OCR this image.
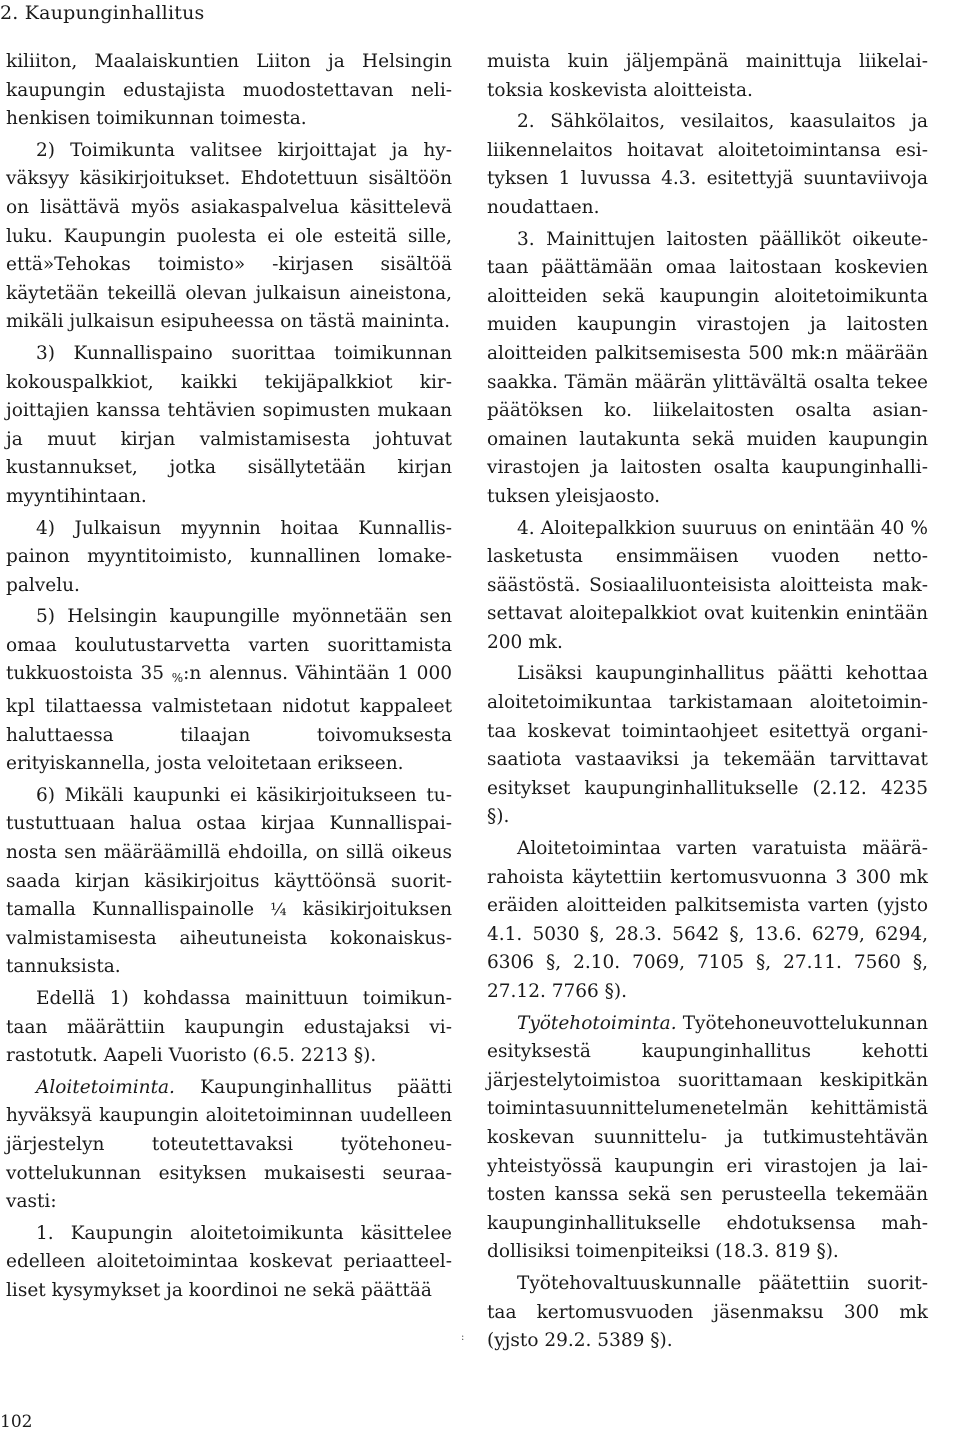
2. Kaupunginhallitus

kiliiton, Maalaiskuntien Liiton ja Helsingin kaupungin edustajista muodostettavan nelihenkisen toimikunnan toimesta.

2) Toimikunta valitsee kirjoittajat ja hyväksyy käsikirjoitukset. Ehdotettuun sisältöön on lisättävä myös asiakaspalvelua käsittelevä luku. Kaupungin puolesta ei ole esteitä sille, että»Tehokas toimisto» -kirjasen sisältöä käytetään tekeillä olevan julkaisun aineistona, mikäli julkaisun esipuheessa on tästä maininta.

3) Kunnallispaino suorittaa toimikunnan kokouspalkkiot, kaikki tekijäpalkkiot kirjoittajien kanssa tehtävien sopimusten mukaan ja muut kirjan valmistamisesta johtuvat kustannukset, jotka sisällytetään kirjan myyntihintaan.

4) Julkaisun myynnin hoitaa Kunnallispainon myyntitoimisto, kunnallinen lomakepalvelu.

5) Helsingin kaupungille myönnetään sen omaa koulutustarvetta varten suorittamista tukkuostoista 35 $_{\%}$:n alennus. Vähintään 1 000 kpl tilattaessa valmistetaan nidotut kappaleet haluttaessa tilaajan toivomuksesta erityiskannella, josta veloitetaan erikseen.

6) Mikäli kaupunki ei käsikirjoitukseen tutustuttuaan halua ostaa kirjaa Kunnallispainosta sen määräämillä ehdoilla, on sillä oikeus saada kirjan käsikirjoitus käyttöönsä suorittamalla Kunnallispainolle ¼ käsikirjoituksen valmistamisesta aiheutuneista kokonaiskustannuksista.

Edellä 1) kohdassa mainittuun toimikuntaan määrättiin kaupungin edustajaksi virastotutk. Aapeli Vuoristo (6.5. 2213 §).

Aloitetoiminta. Kaupunginhallitus päätti hyväksyä kaupungin aloitetoiminnan uudelleen järjestelyn toteutettavaksi työtehoneuvottelukunnan esityksen mukaisesti seuraavasti:

1. Kaupungin aloitetoimikunta käsittelee edelleen aloitetoimintaa koskevat periaatteelliset kysymykset ja koordinoi ne sekä päättää

:

muista kuin jäljempänä mainittuja liikelaitoksia koskevista aloitteista.

2. Sähkölaitos, vesilaitos, kaasulaitos ja liikennelaitos hoitavat aloitetoimintansa esityksen 1 luvussa 4.3. esitettyjä suuntaviivoja noudattaen.

3. Mainittujen laitosten päälliköt oikeutetaan päättämään omaa laitostaan koskevien aloitteiden sekä kaupungin aloitetoimikunta muiden kaupungin virastojen ja laitosten aloitteiden palkitsemisesta 500 mk:n määrään saakka. Tämän määrän ylittävältä osalta tekee päätöksen ko. liikelaitosten osalta asianomainen lautakunta sekä muiden kaupungin virastojen ja laitosten osalta kaupunginhallituksen yleisjaosto.

4. Aloitepalkkion suuruus on enintään 40 % lasketusta ensimmäisen vuoden nettosäästöstä. Sosiaaliluonteisista aloitteista maksettavat aloitepalkkiot ovat kuitenkin enintään 200 mk.

Lisäksi kaupunginhallitus päätti kehottaa aloitetoimikuntaa tarkistamaan aloitetoimintaa koskevat toimintaohjeet esitettyä organisaatiota vastaaviksi ja tekemään tarvittavat esitykset kaupunginhallitukselle (2.12. 4235 §).

Aloitetoimintaa varten varatuista määrärahoista käytettiin kertomusvuonna 3 300 mk eräiden aloitteiden palkitsemista varten (yjsto 4.1. 5030 §, 28.3. 5642 §, 13.6. 6279, 6294, 6306 §, 2.10. 7069, 7105 §, 27.11. 7560 §, 27.12. 7766 §).

Työtehotoiminta. Työtehoneuvottelukunnan esityksestä kaupunginhallitus kehotti järjestelytoimistoa suorittamaan keskipitkän toimintasuunnittelumenetelmän kehittämistä koskevan suunnittelu- ja tutkimustehtävän yhteistyössä kaupungin eri virastojen ja laitosten kanssa sekä sen perusteella tekemään kaupunginhallitukselle ehdotuksensa mahdollisiksi toimenpiteiksi (18.3. 819 §).

Työtehovaltuuskunnalle päätettiin suorittaa kertomusvuoden jäsenmaksu 300 mk (yjsto 29.2. 5389 §).

102
